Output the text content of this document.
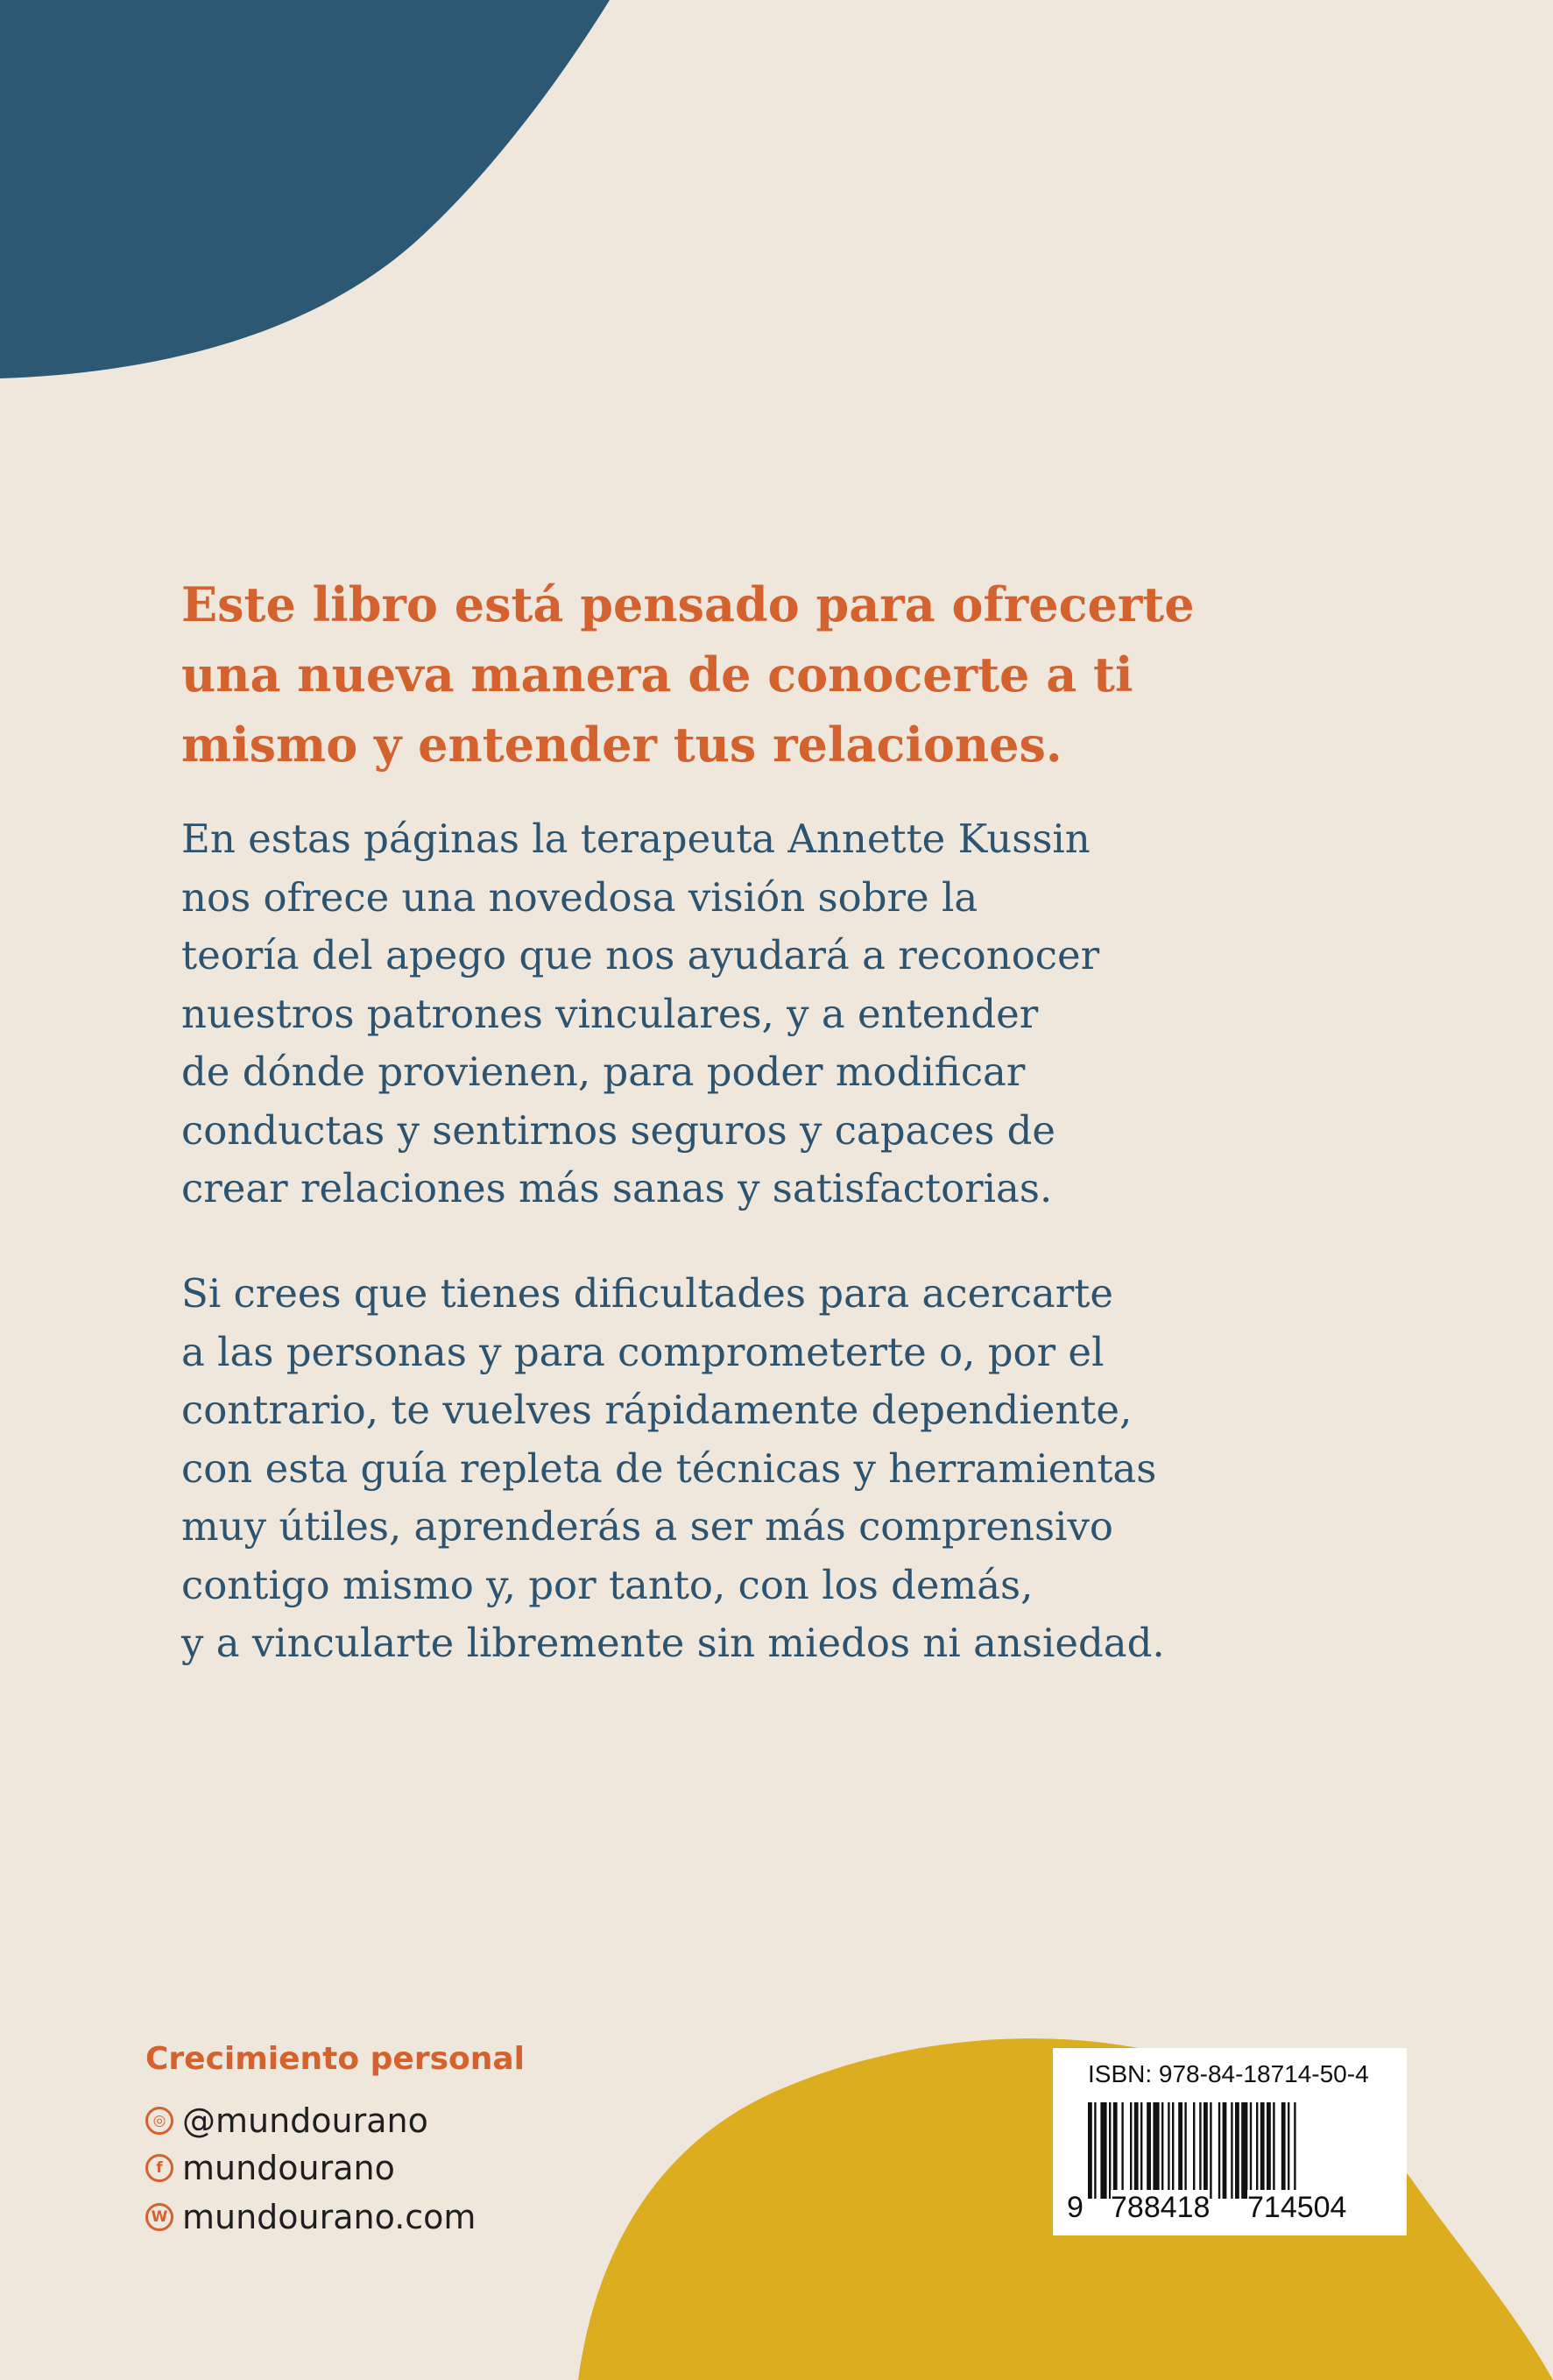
Este libro está pensado para ofrecerte
una nueva manera de conocerte a ti
mismo y entender tus relaciones.
En estas páginas la terapeuta Annette Kussin
nos ofrece una novedosa visión sobre la
teoría del apego que nos ayudará a reconocer
nuestros patrones vinculares, y a entender
de dónde provienen, para poder modificar
conductas y sentirnos seguros y capaces de
crear relaciones más sanas y satisfactorias.
Si crees que tienes dificultades para acercarte
a las personas y para comprometerte o, por el
contrario, te vuelves rápidamente dependiente,
con esta guía repleta de técnicas y herramientas
muy útiles, aprenderás a ser más comprensivo
contigo mismo y, por tanto, con los demás,
y a vincularte libremente sin miedos ni ansiedad.
Crecimiento personal
◎ @mundourano
f mundourano
W mundourano.com
ISBN: 978-84-18714-50-4
9 788418 714504
